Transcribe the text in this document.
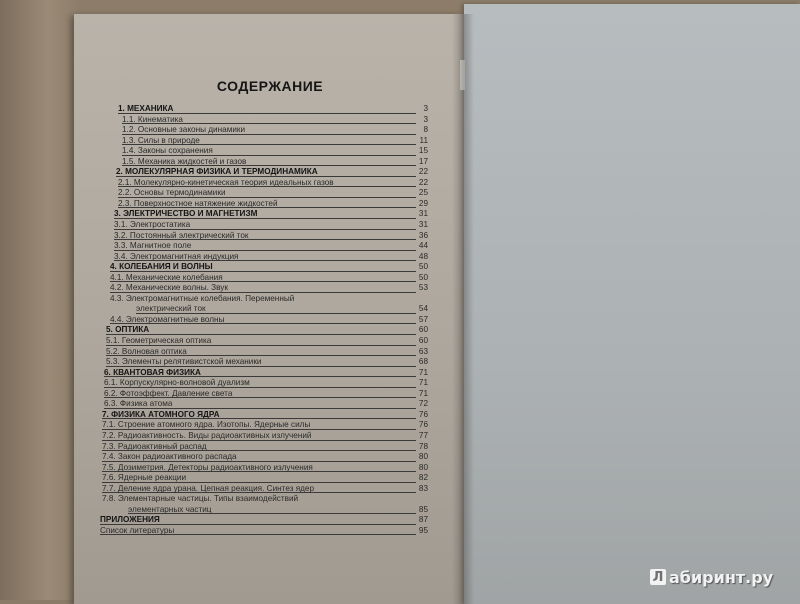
СОДЕРЖАНИЕ
1. МЕХАНИКА	3
1.1. Кинематика	3
1.2. Основные законы динамики	8
1.3. Силы в природе	11
1.4. Законы сохранения	15
1.5. Механика жидкостей и газов	17
2. МОЛЕКУЛЯРНАЯ ФИЗИКА И ТЕРМОДИНАМИКА	22
2.1. Молекулярно-кинетическая теория идеальных газов	22
2.2. Основы термодинамики	25
2.3. Поверхностное натяжение жидкостей	29
3. ЭЛЕКТРИЧЕСТВО И МАГНЕТИЗМ	31
3.1. Электростатика	31
3.2. Постоянный электрический ток	36
3.3. Магнитное поле	44
3.4. Электромагнитная индукция	48
4. КОЛЕБАНИЯ И ВОЛНЫ	50
4.1. Механические колебания	50
4.2. Механические волны. Звук	53
4.3. Электромагнитные колебания. Переменный
электрический ток	54
4.4. Электромагнитные волны	57
5. ОПТИКА	60
5.1. Геометрическая оптика	60
5.2. Волновая оптика	63
5.3. Элементы релятивистской механики	68
6. КВАНТОВАЯ ФИЗИКА	71
6.1. Корпускулярно-волновой дуализм	71
6.2. Фотоэффект. Давление света	71
6.3. Физика атома	72
7. ФИЗИКА АТОМНОГО ЯДРА	76
7.1. Строение атомного ядра. Изотопы. Ядерные силы	76
7.2. Радиоактивность. Виды радиоактивных излучений	77
7.3. Радиоактивный распад	78
7.4. Закон радиоактивного распада	80
7.5. Дозиметрия. Детекторы радиоактивного излучения	80
7.6. Ядерные реакции	82
7.7. Деление ядра урана. Цепная реакция. Синтез ядер	83
7.8. Элементарные частицы. Типы взаимодействий
элементарных частиц	85
ПРИЛОЖЕНИЯ	87
Список литературы	95
Л абиринт.ру
